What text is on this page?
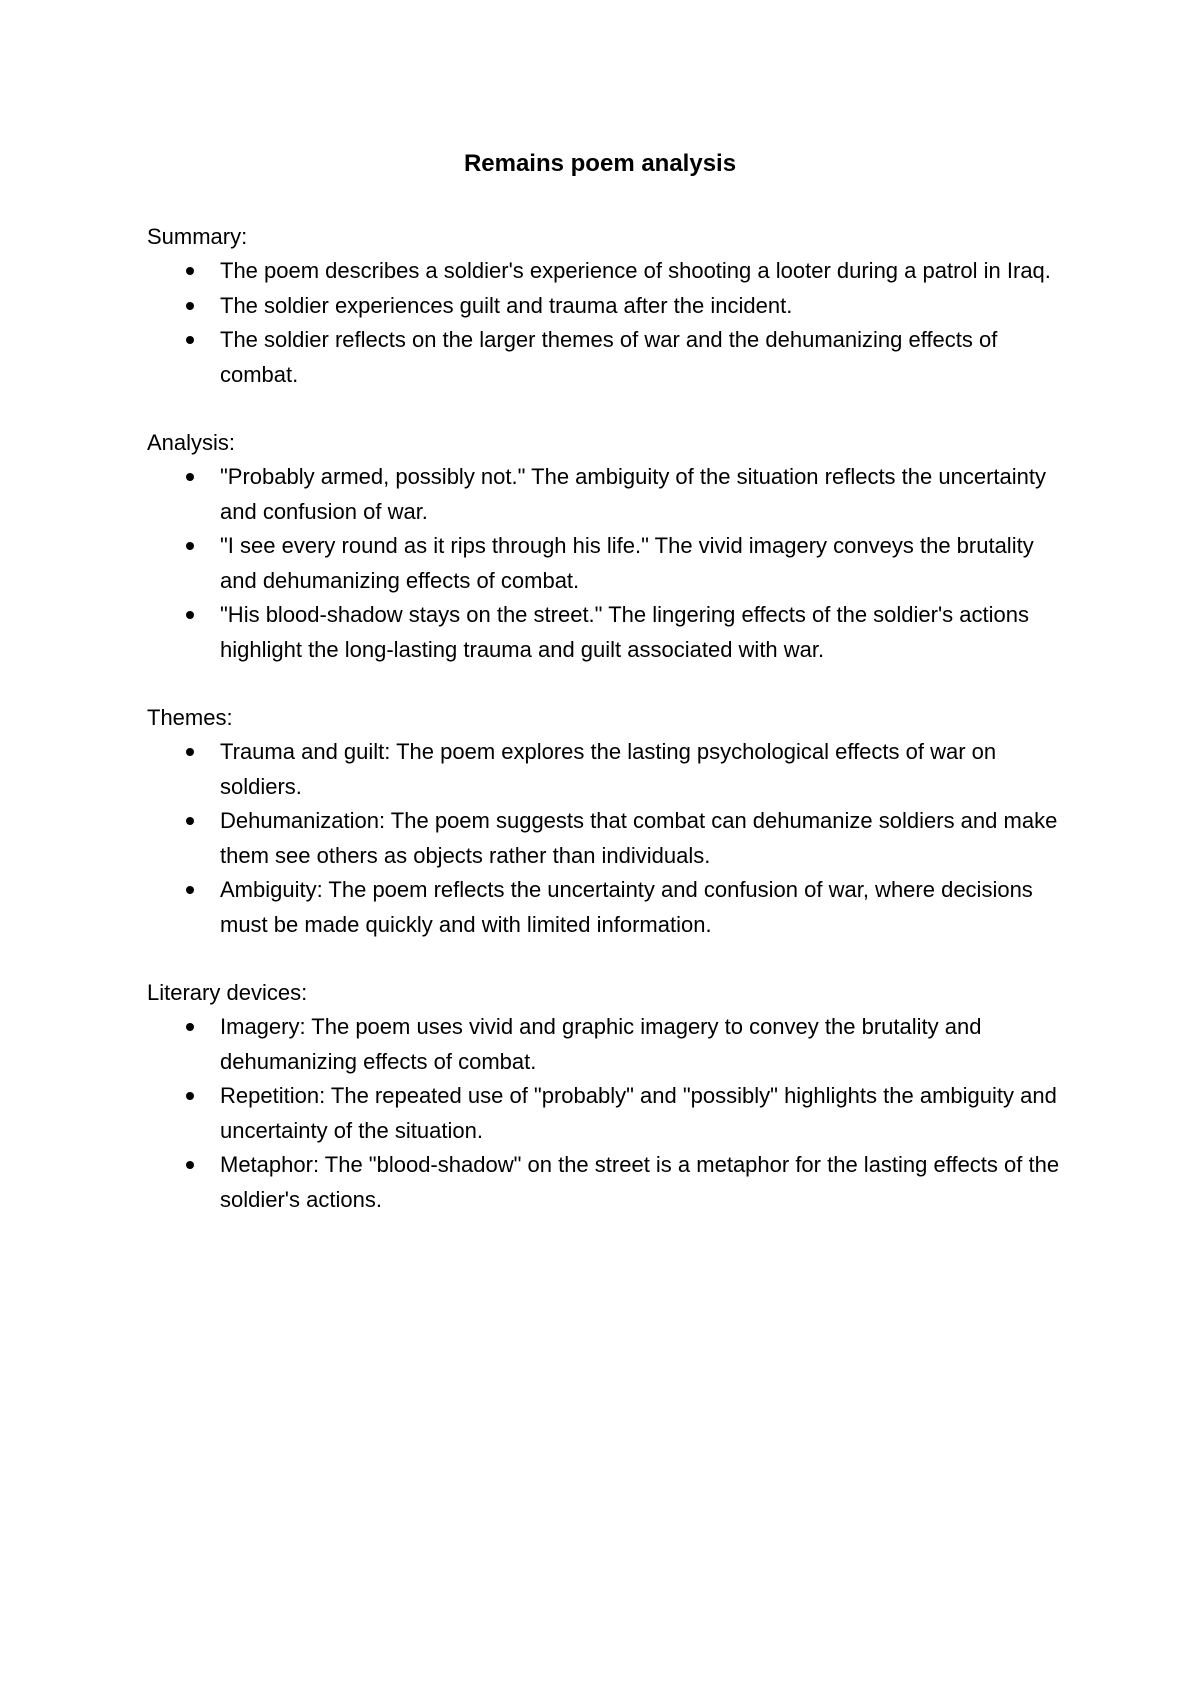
Remains poem analysis

Summary:

The poem describes a soldier's experience of shooting a looter during a patrol in Iraq.
The soldier experiences guilt and trauma after the incident.
The soldier reflects on the larger themes of war and the dehumanizing effects of combat.

Analysis:

"Probably armed, possibly not." The ambiguity of the situation reflects the uncertainty and confusion of war.
"I see every round as it rips through his life." The vivid imagery conveys the brutality and dehumanizing effects of combat.
"His blood-shadow stays on the street." The lingering effects of the soldier's actions highlight the long-lasting trauma and guilt associated with war.

Themes:

Trauma and guilt: The poem explores the lasting psychological effects of war on soldiers.
Dehumanization: The poem suggests that combat can dehumanize soldiers and make them see others as objects rather than individuals.
Ambiguity: The poem reflects the uncertainty and confusion of war, where decisions must be made quickly and with limited information.

Literary devices:

Imagery: The poem uses vivid and graphic imagery to convey the brutality and dehumanizing effects of combat.
Repetition: The repeated use of "probably" and "possibly" highlights the ambiguity and uncertainty of the situation.
Metaphor: The "blood-shadow" on the street is a metaphor for the lasting effects of the soldier's actions.
